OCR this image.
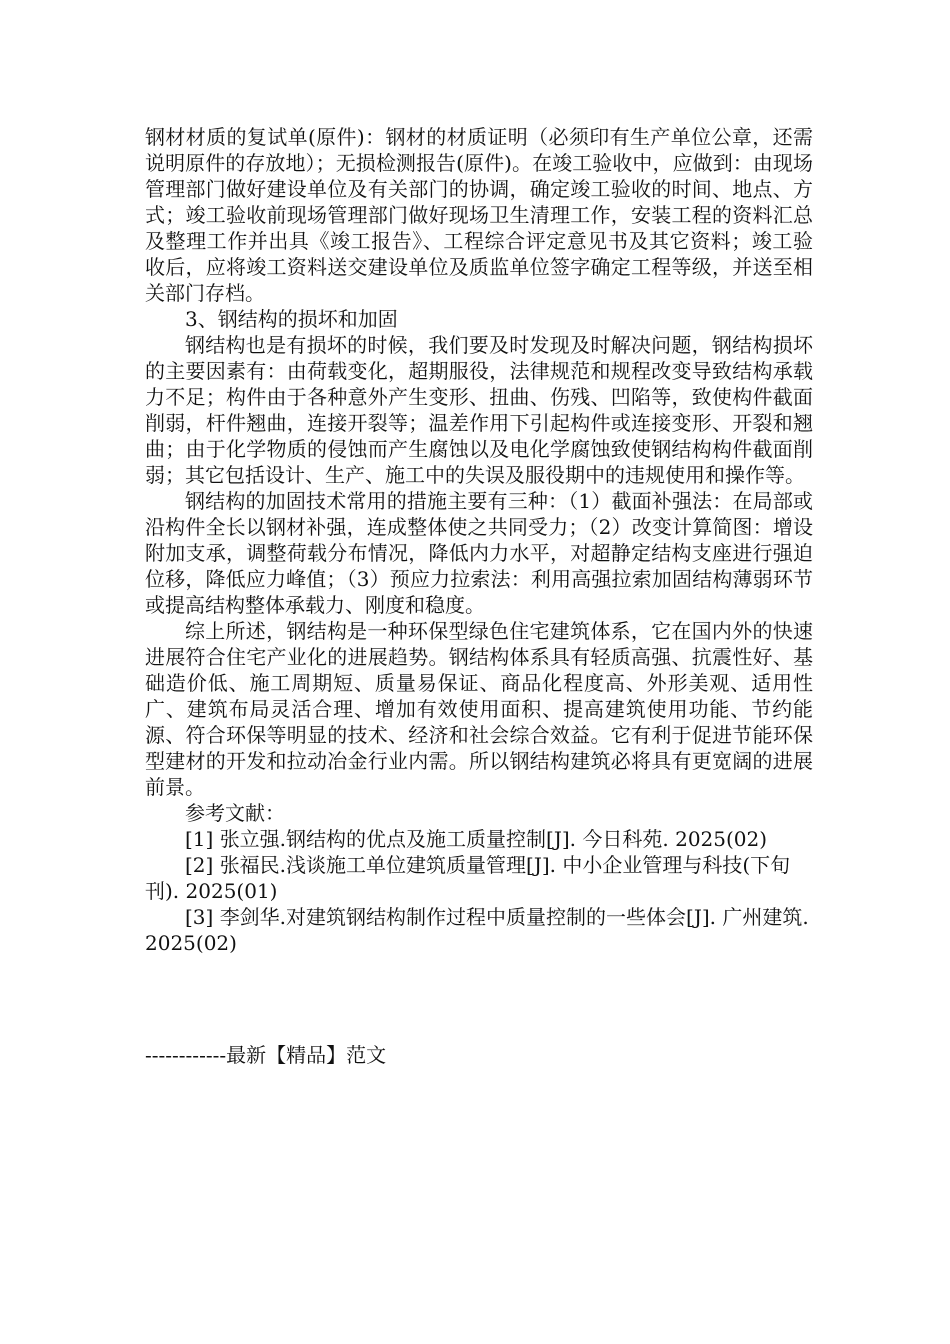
钢材材质的复试单(原件)：钢材的材质证明（必须印有生产单位公章，还需说明原件的存放地）；无损检测报告(原件)。在竣工验收中，应做到：由现场管理部门做好建设单位及有关部门的协调，确定竣工验收的时间、地点、方式；竣工验收前现场管理部门做好现场卫生清理工作，安装工程的资料汇总及整理工作并出具《竣工报告》、工程综合评定意见书及其它资料；竣工验收后，应将竣工资料送交建设单位及质监单位签字确定工程等级，并送至相关部门存档。

3、钢结构的损坏和加固

钢结构也是有损坏的时候，我们要及时发现及时解决问题，钢结构损坏的主要因素有：由荷载变化，超期服役，法律规范和规程改变导致结构承载力不足；构件由于各种意外产生变形、扭曲、伤残、凹陷等，致使构件截面削弱，杆件翘曲，连接开裂等；温差作用下引起构件或连接变形、开裂和翘曲；由于化学物质的侵蚀而产生腐蚀以及电化学腐蚀致使钢结构构件截面削弱；其它包括设计、生产、施工中的失误及服役期中的违规使用和操作等。

钢结构的加固技术常用的措施主要有三种：（1）截面补强法：在局部或沿构件全长以钢材补强，连成整体使之共同受力；（2）改变计算简图：增设附加支承，调整荷载分布情况，降低内力水平，对超静定结构支座进行强迫位移，降低应力峰值；（3）预应力拉索法：利用高强拉索加固结构薄弱环节或提高结构整体承载力、刚度和稳度。

综上所述，钢结构是一种环保型绿色住宅建筑体系，它在国内外的快速进展符合住宅产业化的进展趋势。钢结构体系具有轻质高强、抗震性好、基础造价低、施工周期短、质量易保证、商品化程度高、外形美观、适用性广、建筑布局灵活合理、增加有效使用面积、提高建筑使用功能、节约能源、符合环保等明显的技术、经济和社会综合效益。它有利于促进节能环保型建材的开发和拉动冶金行业内需。所以钢结构建筑必将具有更宽阔的进展前景。

参考文献：

[1] 张立强.钢结构的优点及施工质量控制[J]. 今日科苑. 2025(02)

[2] 张福民.浅谈施工单位建筑质量管理[J]. 中小企业管理与科技(下旬刊). 2025(01)

[3] 李剑华.对建筑钢结构制作过程中质量控制的一些体会[J]. 广州建筑. 2025(02)

------------最新【精品】范文
